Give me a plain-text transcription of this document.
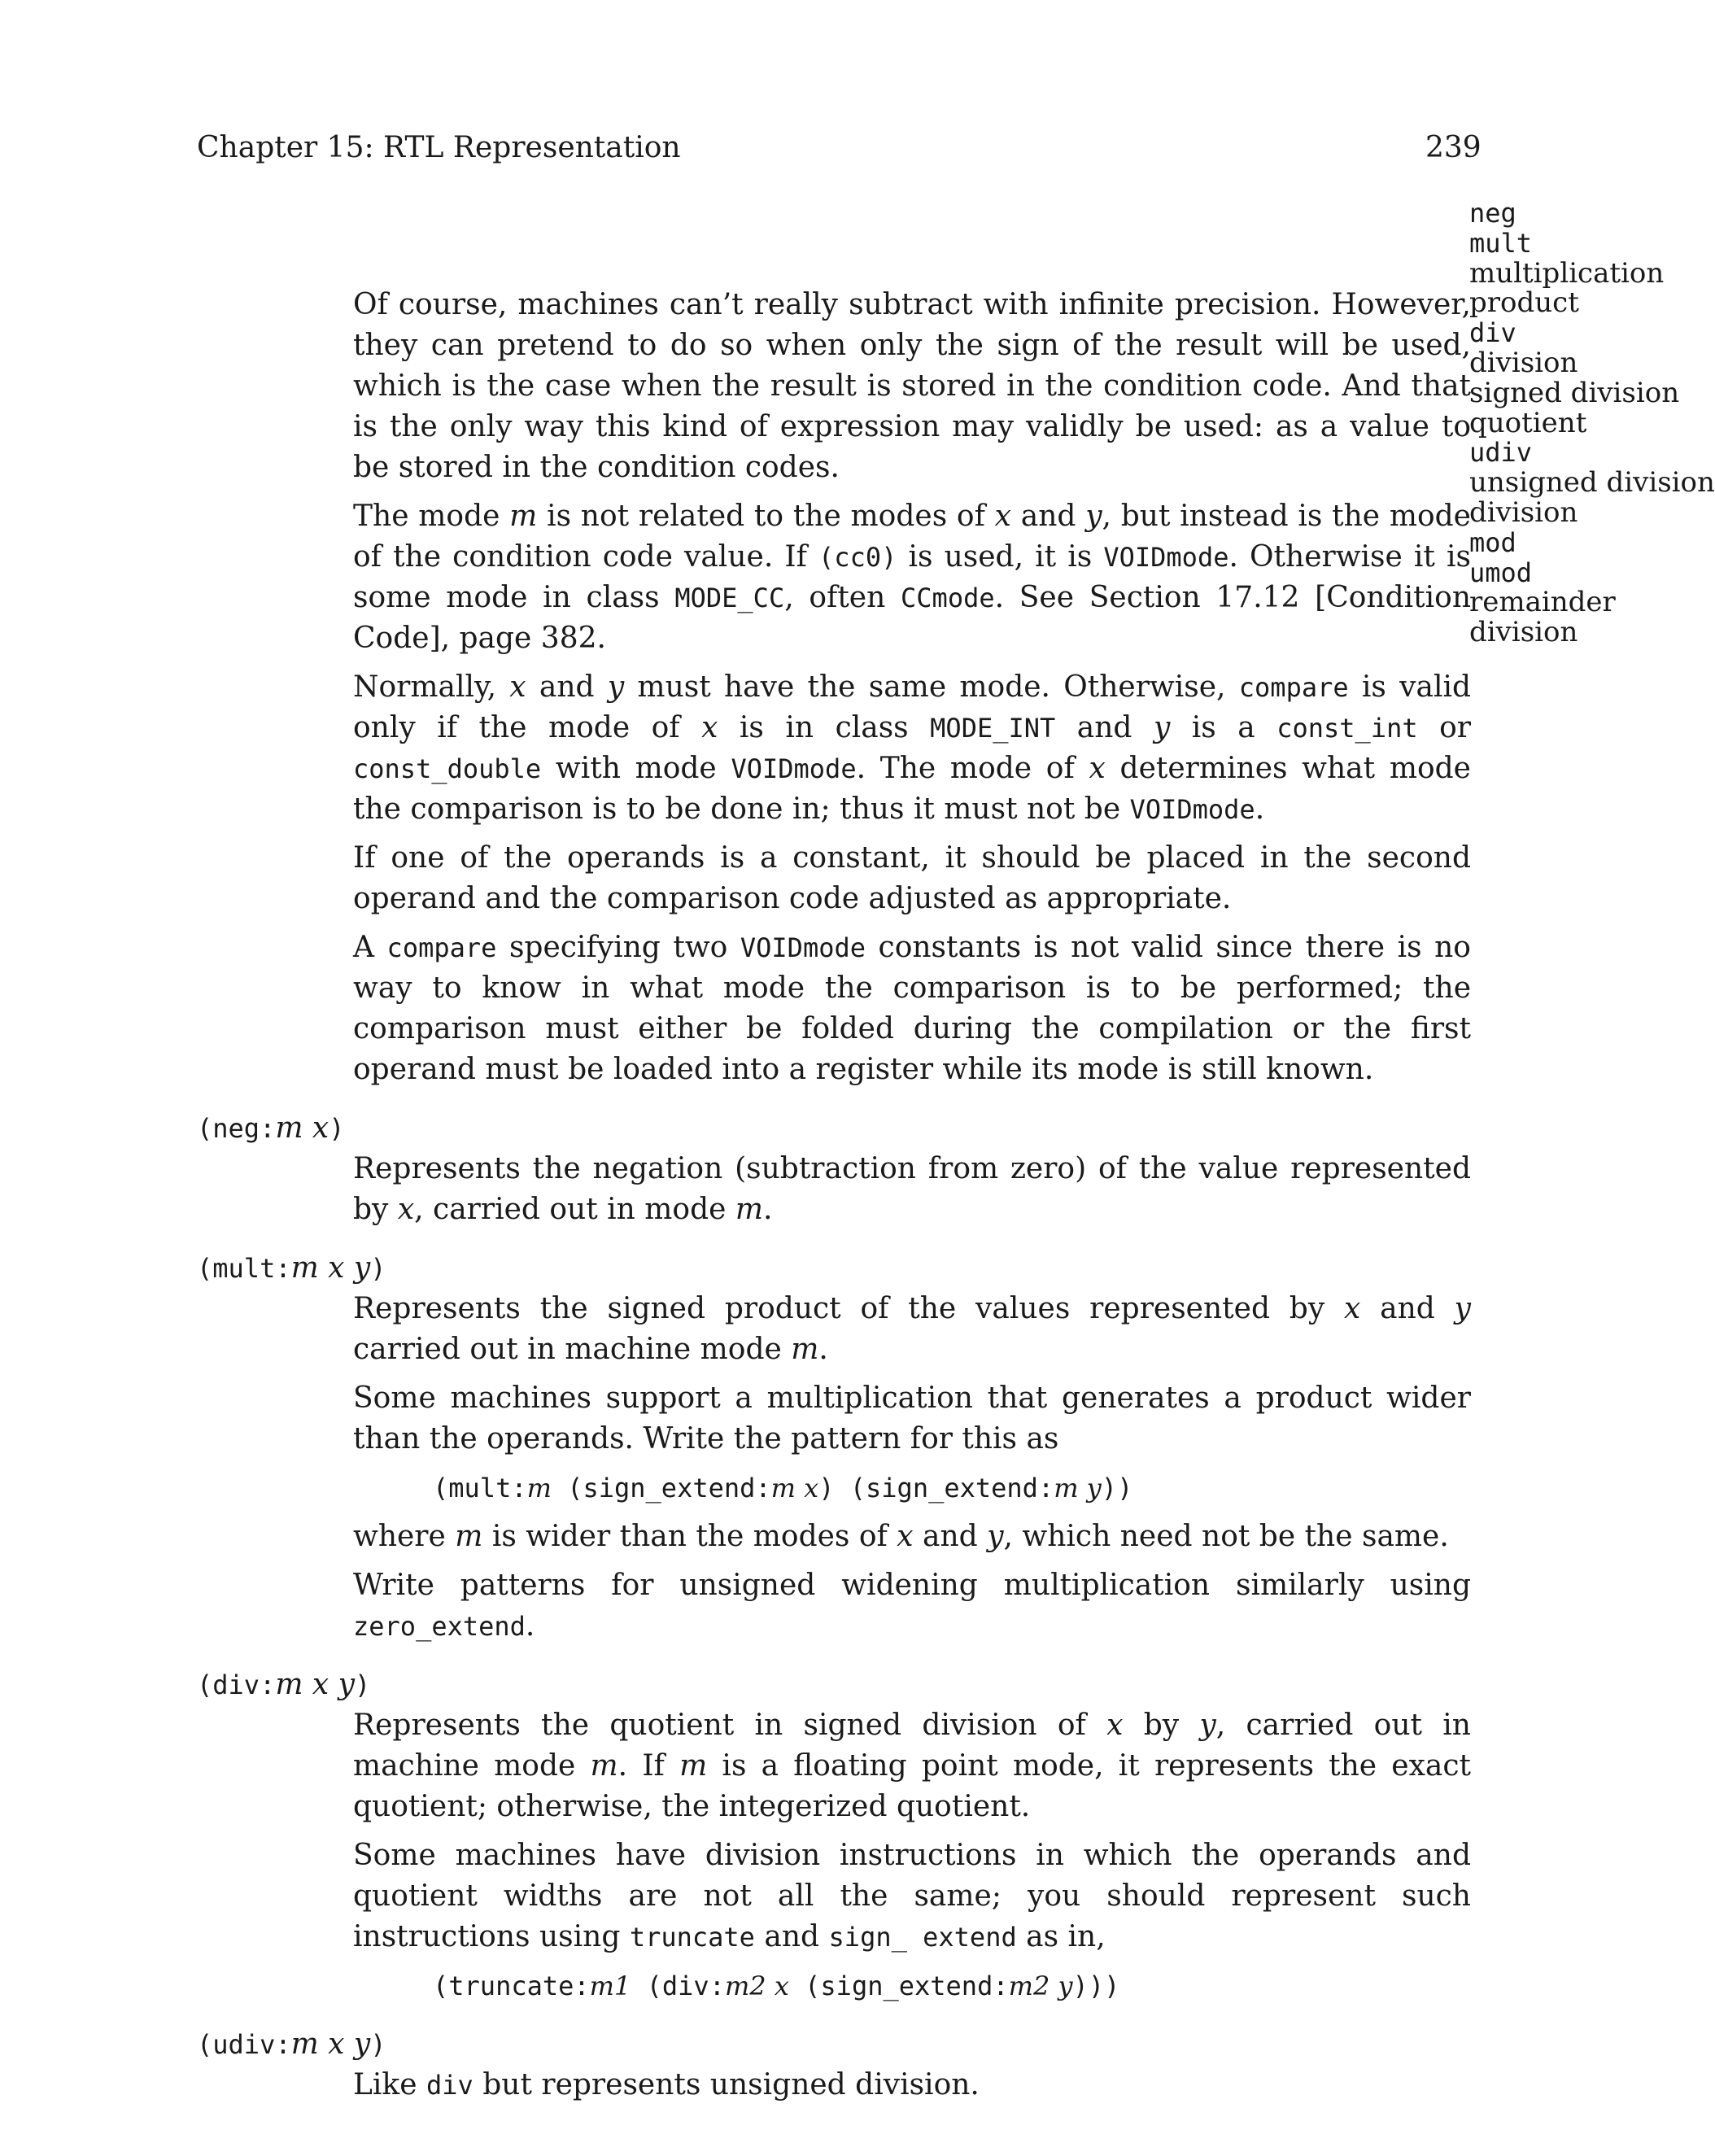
Chapter 15: RTL Representation	239
neg
mult
multiplication
product
div
division
signed division
quotient
udiv
unsigned division
division
mod
umod
remainder
division
Of course, machines can’t really subtract with infinite precision. However, they can pretend to do so when only the sign of the result will be used, which is the case when the result is stored in the condition code. And that is the only way this kind of expression may validly be used: as a value to be stored in the condition codes.
The mode m is not related to the modes of x and y, but instead is the mode of the condition code value. If (cc0) is used, it is VOIDmode. Otherwise it is some mode in class MODE_CC, often CCmode. See Section 17.12 [Condition Code], page 382.
Normally, x and y must have the same mode. Otherwise, compare is valid only if the mode of x is in class MODE_INT and y is a const_int or const_double with mode VOIDmode. The mode of x determines what mode the comparison is to be done in; thus it must not be VOIDmode.
If one of the operands is a constant, it should be placed in the second operand and the comparison code adjusted as appropriate.
A compare specifying two VOIDmode constants is not valid since there is no way to know in what mode the comparison is to be performed; the comparison must either be folded during the compilation or the first operand must be loaded into a register while its mode is still known.
(neg:m x)
Represents the negation (subtraction from zero) of the value represented by x, carried out in mode m.
(mult:m x y)
Represents the signed product of the values represented by x and y carried out in machine mode m.
Some machines support a multiplication that generates a product wider than the operands. Write the pattern for this as
(mult:m (sign_extend:m x) (sign_extend:m y))
where m is wider than the modes of x and y, which need not be the same.
Write patterns for unsigned widening multiplication similarly using zero_extend.
(div:m x y)
Represents the quotient in signed division of x by y, carried out in machine mode m. If m is a floating point mode, it represents the exact quotient; otherwise, the integerized quotient.
Some machines have division instructions in which the operands and quotient widths are not all the same; you should represent such instructions using truncate and sign_ extend as in,
(truncate:m1 (div:m2 x (sign_extend:m2 y)))
(udiv:m x y)
Like div but represents unsigned division.
